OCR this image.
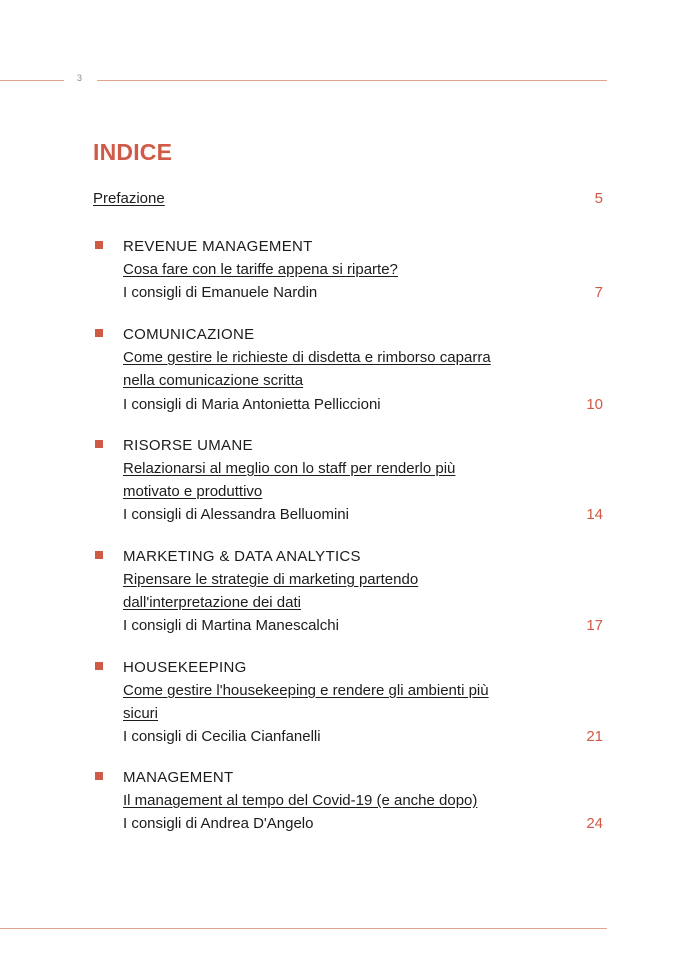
3
INDICE
Prefazione	5
REVENUE MANAGEMENT
Cosa fare con le tariffe appena si riparte?
I consigli di Emanuele Nardin	7
COMUNICAZIONE
Come gestire le richieste di disdetta e rimborso caparra
nella comunicazione scritta
I consigli di Maria Antonietta Pelliccioni	10
RISORSE UMANE
Relazionarsi al meglio con lo staff per renderlo più
motivato e produttivo
I consigli di Alessandra Belluomini	14
MARKETING & DATA ANALYTICS
Ripensare le strategie di marketing partendo
dall'interpretazione dei dati
I consigli di Martina Manescalchi	17
HOUSEKEEPING
Come gestire l'housekeeping e rendere gli ambienti più
sicuri
I consigli di Cecilia Cianfanelli	21
MANAGEMENT
Il management al tempo del Covid-19 (e anche dopo)
I consigli di Andrea D'Angelo	24
